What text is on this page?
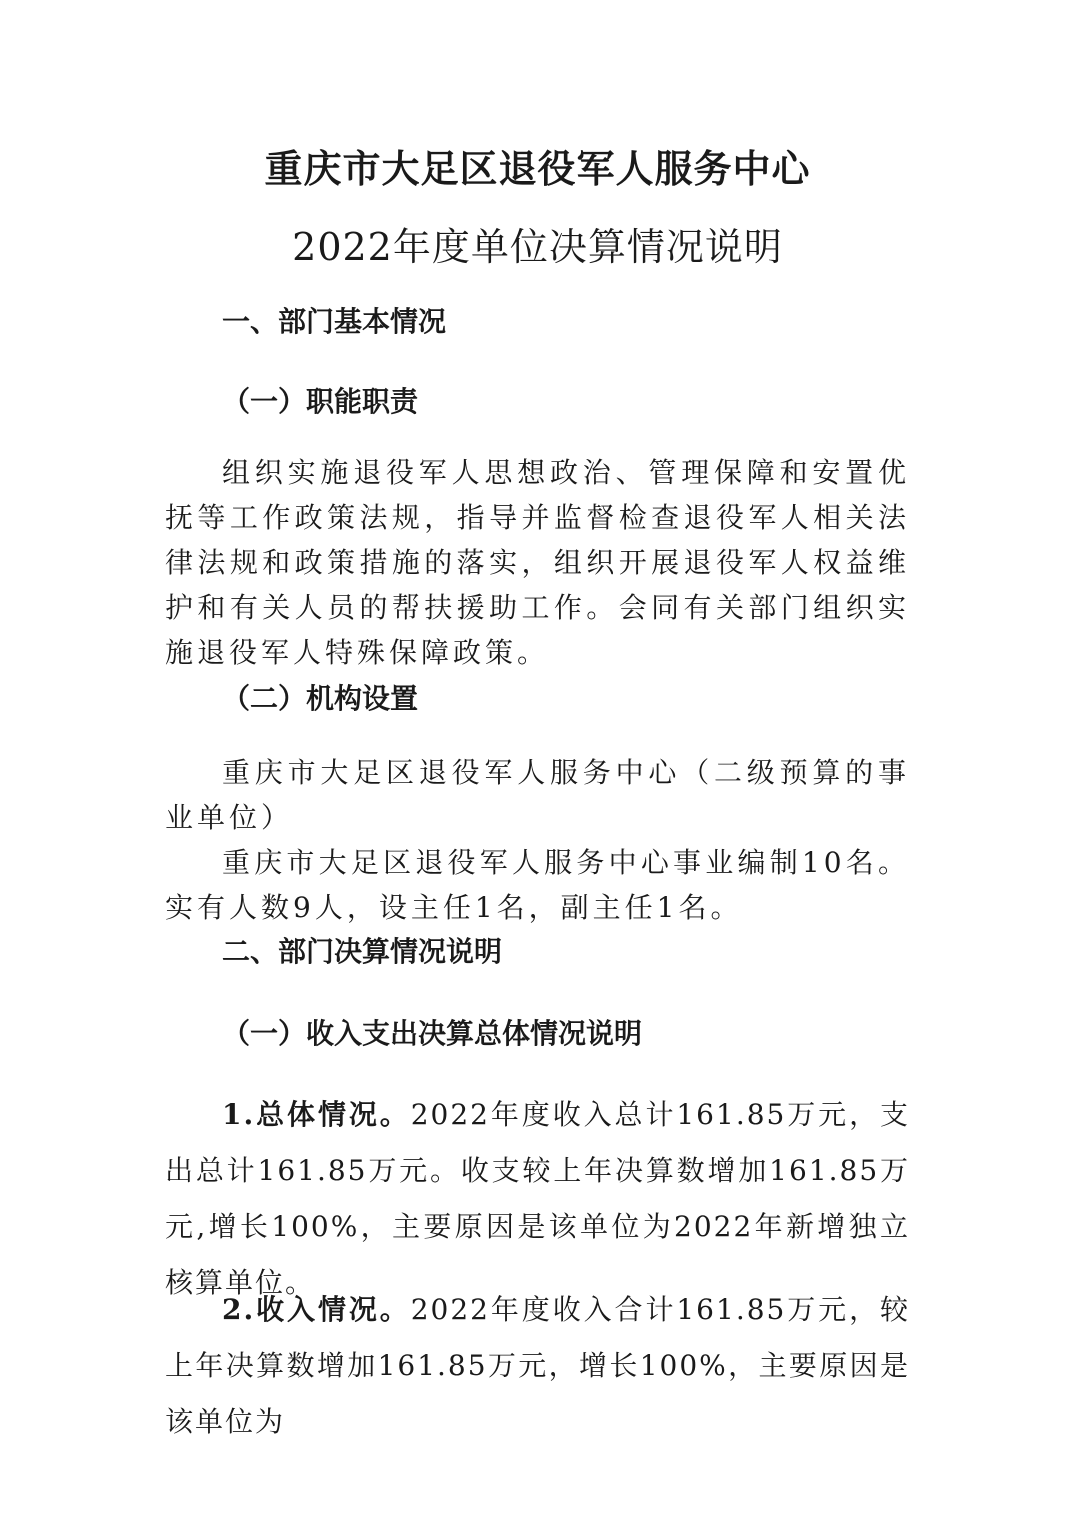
重庆市大足区退役军人服务中心
2022年度单位决算情况说明
一、部门基本情况
（一）职能职责
组织实施退役军人思想政治、管理保障和安置优抚等工作政策法规，指导并监督检查退役军人相关法律法规和政策措施的落实，组织开展退役军人权益维护和有关人员的帮扶援助工作。会同有关部门组织实施退役军人特殊保障政策。
（二）机构设置
重庆市大足区退役军人服务中心（二级预算的事业单位）
重庆市大足区退役军人服务中心事业编制10名。实有人数9人，设主任1名，副主任1名。
二、部门决算情况说明
（一）收入支出决算总体情况说明
1.总体情况。2022年度收入总计161.85万元，支出总计161.85万元。收支较上年决算数增加161.85万元,增长100%，主要原因是该单位为2022年新增独立核算单位。
2.收入情况。2022年度收入合计161.85万元，较上年决算数增加161.85万元，增长100%，主要原因是该单位为
